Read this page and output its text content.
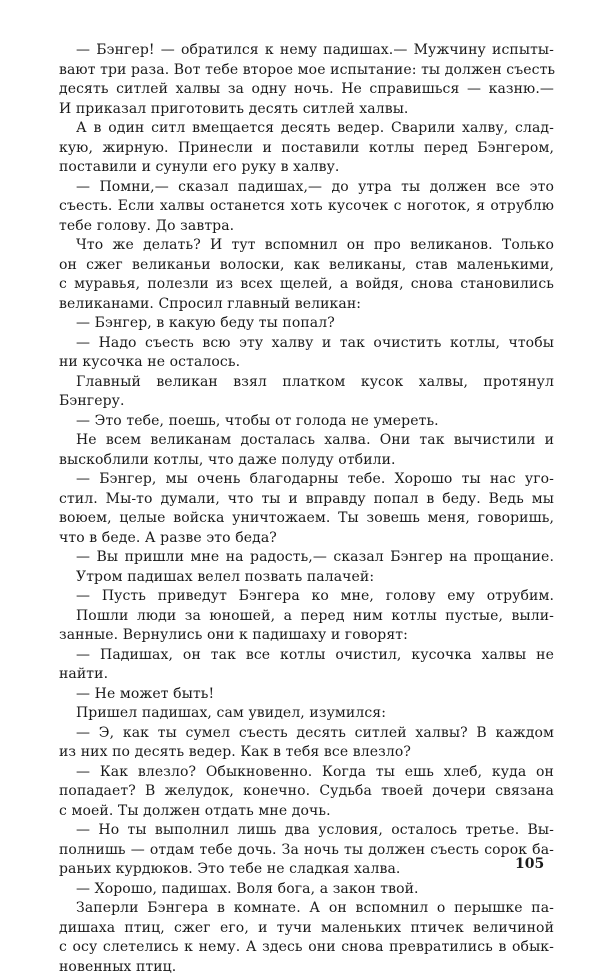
— Бэнгер! — обратился к нему падишах.— Мужчину испыты-
вают три раза. Вот тебе второе мое испытание: ты должен съесть
десять ситлей халвы за одну ночь. Не справишься — казню.—
И приказал приготовить десять ситлей халвы.
А в один ситл вмещается десять ведер. Сварили халву, слад-
кую, жирную. Принесли и поставили котлы перед Бэнгером,
поставили и сунули его руку в халву.
— Помни,— сказал падишах,— до утра ты должен все это
съесть. Если халвы останется хоть кусочек с ноготок, я отрублю
тебе голову. До завтра.
Что же делать? И тут вспомнил он про великанов. Только
он сжег великаньи волоски, как великаны, став маленькими,
с муравья, полезли из всех щелей, а войдя, снова становились
великанами. Спросил главный великан:
— Бэнгер, в какую беду ты попал?
— Надо съесть всю эту халву и так очистить котлы, чтобы
ни кусочка не осталось.
Главный великан взял платком кусок халвы, протянул
Бэнгеру.
— Это тебе, поешь, чтобы от голода не умереть.
Не всем великанам досталась халва. Они так вычистили и
выскоблили котлы, что даже полуду отбили.
— Бэнгер, мы очень благодарны тебе. Хорошо ты нас уго-
стил. Мы-то думали, что ты и вправду попал в беду. Ведь мы
воюем, целые войска уничтожаем. Ты зовешь меня, говоришь,
что в беде. А разве это беда?
— Вы пришли мне на радость,— сказал Бэнгер на прощание.
Утром падишах велел позвать палачей:
— Пусть приведут Бэнгера ко мне, голову ему отрубим.
Пошли люди за юношей, а перед ним котлы пустые, выли-
занные. Вернулись они к падишаху и говорят:
— Падишах, он так все котлы очистил, кусочка халвы не
найти.
— Не может быть!
Пришел падишах, сам увидел, изумился:
— Э, как ты сумел съесть десять ситлей халвы? В каждом
из них по десять ведер. Как в тебя все влезло?
— Как влезло? Обыкновенно. Когда ты ешь хлеб, куда он
попадает? В желудок, конечно. Судьба твоей дочери связана
с моей. Ты должен отдать мне дочь.
— Но ты выполнил лишь два условия, осталось третье. Вы-
полнишь — отдам тебе дочь. За ночь ты должен съесть сорок ба-
раньих курдюков. Это тебе не сладкая халва.
— Хорошо, падишах. Воля бога, а закон твой.
Заперли Бэнгера в комнате. А он вспомнил о перышке па-
дишаха птиц, сжег его, и тучи маленьких птичек величиной
с осу слетелись к нему. А здесь они снова превратились в обык-
новенных птиц.
105
